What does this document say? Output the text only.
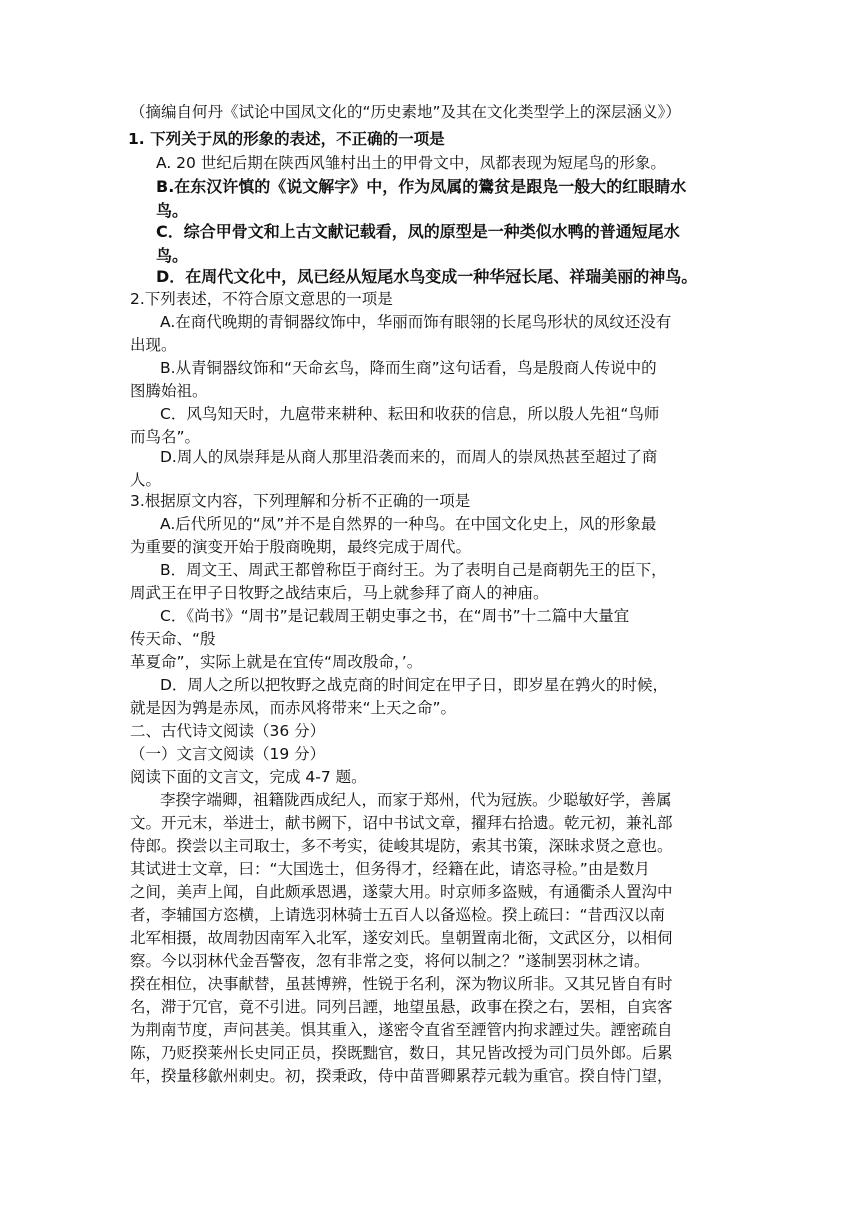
（摘编自何丹《试论中国凤文化的“历史素地”及其在文化类型学上的深层涵义》）
1. 下列关于凤的形象的表述，不正确的一项是
A. 20 世纪后期在陕西风雏村出土的甲骨文中，凤都表现为短尾鸟的形象。
B.在东汉许慎的《说文解字》中，作为凤属的鷟贫是跟凫一般大的红眼睛水
鸟。
C．综合甲骨文和上古文献记载看，凤的原型是一种类似水鸭的普通短尾水
鸟。
D．在周代文化中，凤已经从短尾水鸟变成一种华冠长尾、祥瑞美丽的神鸟。
2.下列表述，不符合原文意思的一项是
A.在商代晚期的青铜器纹饰中，华丽而饰有眼翎的长尾鸟形状的凤纹还没有
出现。
B.从青铜器纹饰和“天命玄鸟，降而生商”这句话看，鸟是殷商人传说中的
图腾始祖。
C．风鸟知天时，九扈带来耕种、耘田和收获的信息，所以殷人先祖“鸟师
而鸟名”。
D.周人的凤崇拜是从商人那里沿袭而来的，而周人的崇凤热甚至超过了商
人。
3.根据原文内容，下列理解和分析不正确的一项是
A.后代所见的“凤”并不是自然界的一种鸟。在中国文化史上，风的形象最
为重要的演变开始于殷商晚期，最终完成于周代。
B．周文王、周武王都曾称臣于商纣王。为了表明自己是商朝先王的臣下，
周武王在甲子日牧野之战结束后，马上就参拜了商人的神庙。
C．《尚书》“周书”是记载周王朝史事之书，在“周书”十二篇中大量宜
传天命、“殷
革夏命”，实际上就是在宜传“周改殷命，’。
D．周人之所以把牧野之战克商的时间定在甲子日，即岁星在鹑火的时候，
就是因为鹑是赤凤，而赤风将带来“上天之命”。
二、古代诗文阅读（36 分）
（一）文言文阅读（19 分）
阅读下面的文言文，完成 4-7 题。
李揆字端卿，祖籍陇西成纪人，而家于郑州，代为冠族。少聪敏好学，善属
文。开元末，举进士，献书阙下，诏中书试文章，擢拜右拾遗。乾元初，兼礼部
侍郎。揆尝以主司取士，多不考实，徒峻其堤防，索其书策，深昧求贤之意也。
其试进士文章，曰：“大国选士，但务得才，经籍在此，请恣寻检。”由是数月
之间，美声上闻，自此颇承恩遇，遂蒙大用。时京师多盗贼，有通衢杀人置沟中
者，李辅国方恣横，上请选羽林骑士五百人以备巡检。揆上疏曰：“昔西汉以南
北军相摄，故周勃因南军入北军，遂安刘氏。皇朝置南北衙，文武区分，以相伺
察。今以羽林代金吾警夜，忽有非常之变，将何以制之？”遂制罢羽林之请。
揆在相位，决事献替，虽甚博辨，性锐于名利，深为物议所非。又其兄皆自有时
名，滞于冗官，竟不引进。同列吕諲，地望虽悬，政事在揆之右，罢相，自宾客
为荆南节度，声问甚美。惧其重入，遂密令直省至諲管内拘求諲过失。諲密疏自
陈，乃贬揆莱州长史同正员，揆既黜官，数日，其兄皆改授为司门员外郎。后累
年，揆量移歙州刺史。初，揆秉政，侍中苗晋卿累荐元载为重官。揆自恃门望，
